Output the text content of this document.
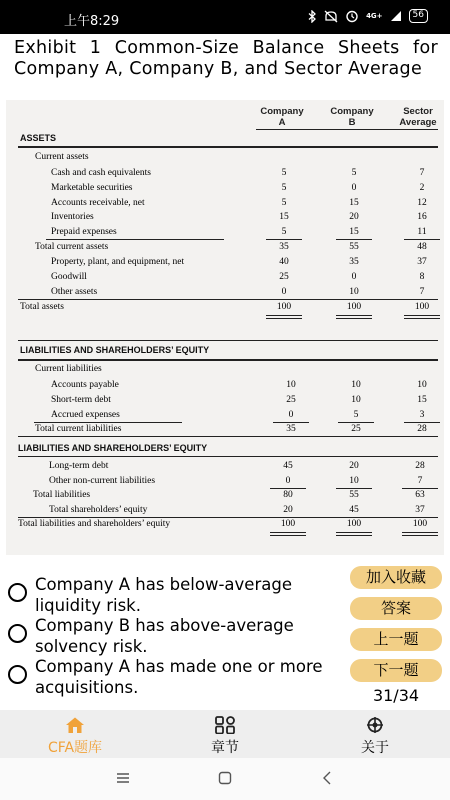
上午8:29	4G+	56
Exhibit 1 Common-Size Balance Sheets for Company A, Company B, and Sector Average
Company
A
Company
B
Sector
Average
ASSETS
Current assets
Cash and cash equivalents	5	5	7
Marketable securities	5	0	2
Accounts receivable, net	5	15	12
Inventories	15	20	16
Prepaid expenses	5	15	11
Total current assets	35	55	48
Property, plant, and equipment, net	40	35	37
Goodwill	25	0	8
Other assets	0	10	7
Total assets	100	100	100
LIABILITIES AND SHAREHOLDERS’ EQUITY
Current liabilities
Accounts payable	10	10	10
Short-term debt	25	10	15
Accrued expenses	0	5	3
Total current liabilities	35	25	28
LIABILITIES AND SHAREHOLDERS’ EQUITY
Long-term debt	45	20	28
Other non-current liabilities	0	10	7
Total liabilities	80	55	63
Total shareholders’ equity	20	45	37
Total liabilities and shareholders’ equity	100	100	100
Company A has below-average liquidity risk.
Company B has above-average solvency risk.
Company A has made one or more acquisitions.
加入收藏
答案
上一题
下一题
31/34
CFA题库	章节	关于
